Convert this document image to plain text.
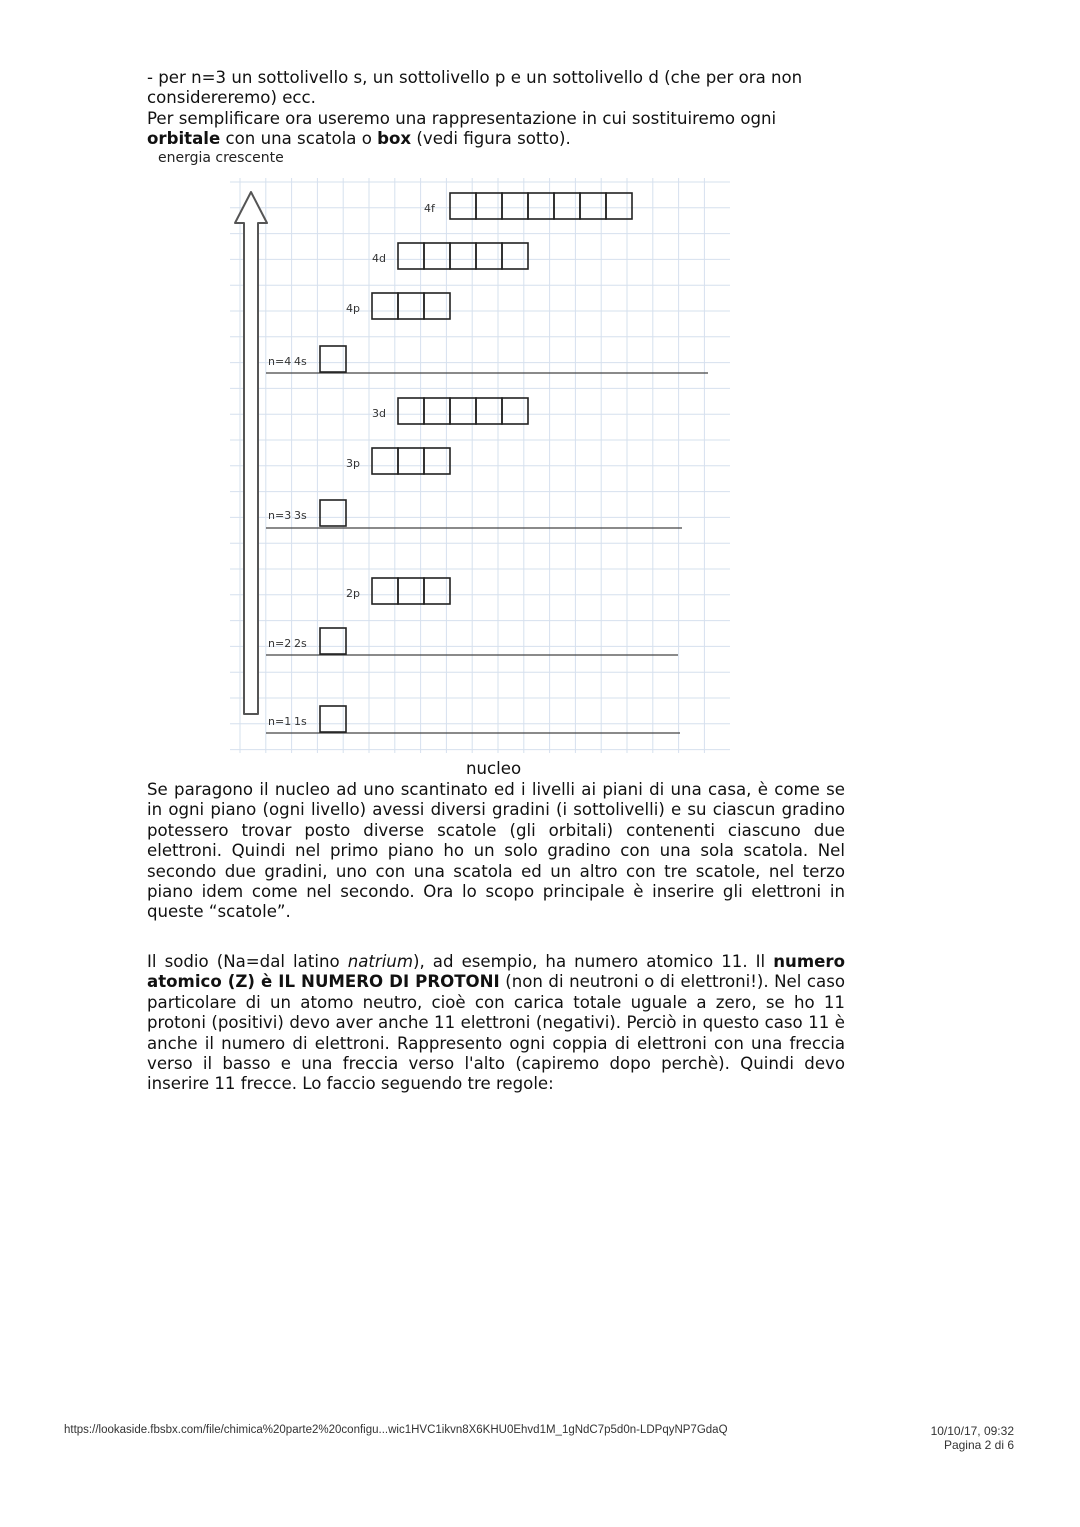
- per n=3 un sottolivello s, un sottolivello p e un sottolivello d (che per ora non considereremo) ecc.

Per semplificare ora useremo una rappresentazione in cui sostituiremo ogni orbitale con una scatola o box (vedi figura sotto).

energia crescente
n=1 1s
n=2 2s
2p
n=3 3s
3p
3d
n=4 4s
4p
4d
4f
nucleo

Se paragono il nucleo ad uno scantinato ed i livelli ai piani di una casa, è come se in ogni piano (ogni livello) avessi diversi gradini (i sottolivelli) e su ciascun gradino potessero trovar posto diverse scatole (gli orbitali) contenenti ciascuno due elettroni. Quindi nel primo piano ho un solo gradino con una sola scatola. Nel secondo due gradini, uno con una scatola ed un altro con tre scatole, nel terzo piano idem come nel secondo. Ora lo scopo principale è inserire gli elettroni in queste “scatole”.

Il sodio (Na=dal latino natrium), ad esempio, ha numero atomico 11. Il numero atomico (Z) è IL NUMERO DI PROTONI (non di neutroni o di elettroni!). Nel caso particolare di un atomo neutro, cioè con carica totale uguale a zero, se ho 11 protoni (positivi) devo aver anche 11 elettroni (negativi). Perciò in questo caso 11 è anche il numero di elettroni. Rappresento ogni coppia di elettroni con una freccia verso il basso e una freccia verso l'alto (capiremo dopo perchè). Quindi devo inserire 11 frecce. Lo faccio seguendo tre regole:

https://lookaside.fbsbx.com/file/chimica%20parte2%20configu...wic1HVC1ikvn8X6KHU0Ehvd1M_1gNdC7p5d0n-LDPqyNP7GdaQ	10/10/17, 09:32
Pagina 2 di 6
